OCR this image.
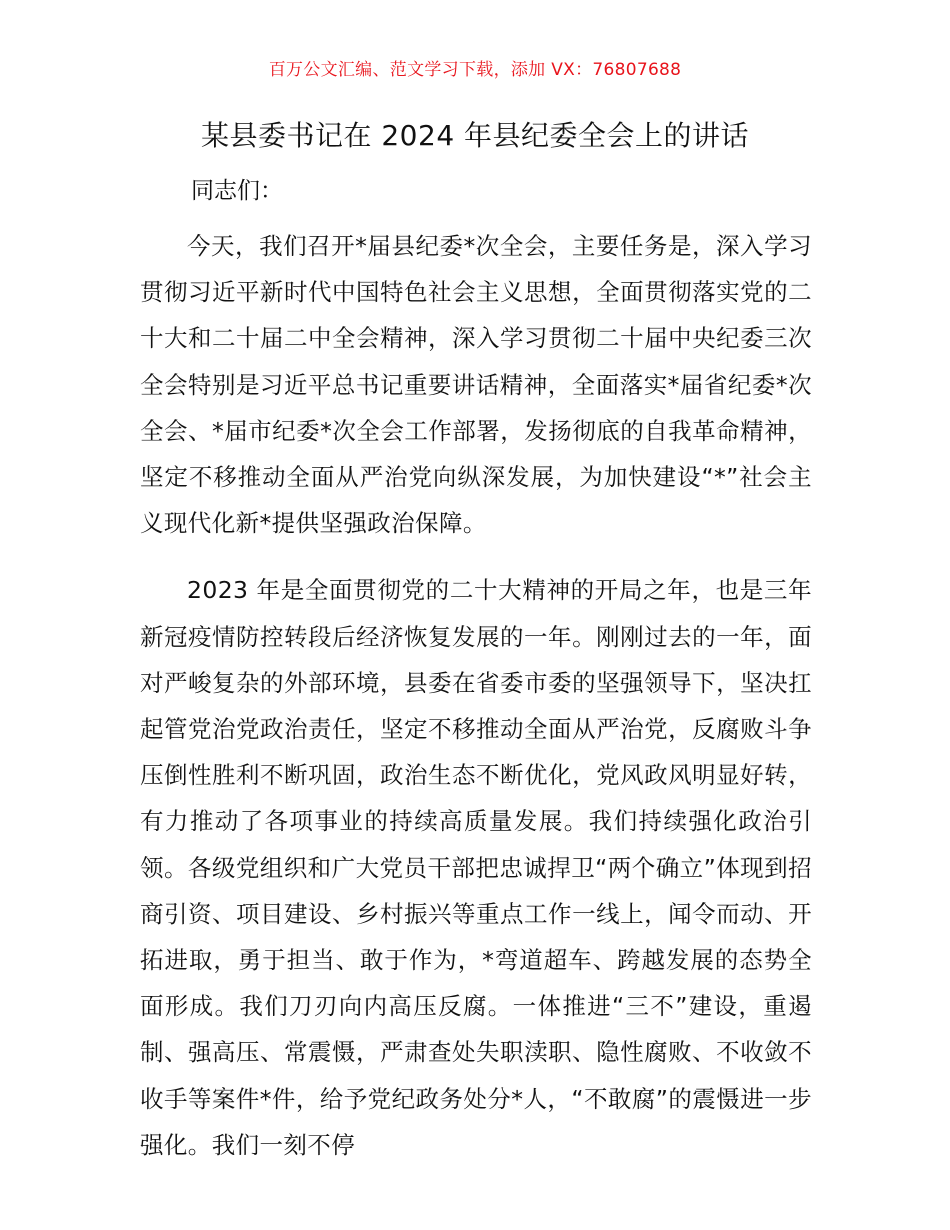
百万公文汇编、范文学习下载，添加 VX：76807688
某县委书记在 2024 年县纪委全会上的讲话
同志们：

今天，我们召开*届县纪委*次全会，主要任务是，深入学习贯彻习近平新时代中国特色社会主义思想，全面贯彻落实党的二十大和二十届二中全会精神，深入学习贯彻二十届中央纪委三次全会特别是习近平总书记重要讲话精神，全面落实*届省纪委*次全会、*届市纪委*次全会工作部署，发扬彻底的自我革命精神，坚定不移推动全面从严治党向纵深发展，为加快建设“*”社会主义现代化新*提供坚强政治保障。

2023 年是全面贯彻党的二十大精神的开局之年，也是三年新冠疫情防控转段后经济恢复发展的一年。刚刚过去的一年，面对严峻复杂的外部环境，县委在省委市委的坚强领导下，坚决扛起管党治党政治责任，坚定不移推动全面从严治党，反腐败斗争压倒性胜利不断巩固，政治生态不断优化，党风政风明显好转，有力推动了各项事业的持续高质量发展。我们持续强化政治引领。各级党组织和广大党员干部把忠诚捍卫“两个确立”体现到招商引资、项目建设、乡村振兴等重点工作一线上，闻令而动、开拓进取，勇于担当、敢于作为，*弯道超车、跨越发展的态势全面形成。我们刀刃向内高压反腐。一体推进“三不”建设，重遏制、强高压、常震慑，严肃查处失职渎职、隐性腐败、不收敛不收手等案件*件，给予党纪政务处分*人，“不敢腐”的震慑进一步强化。我们一刻不停
